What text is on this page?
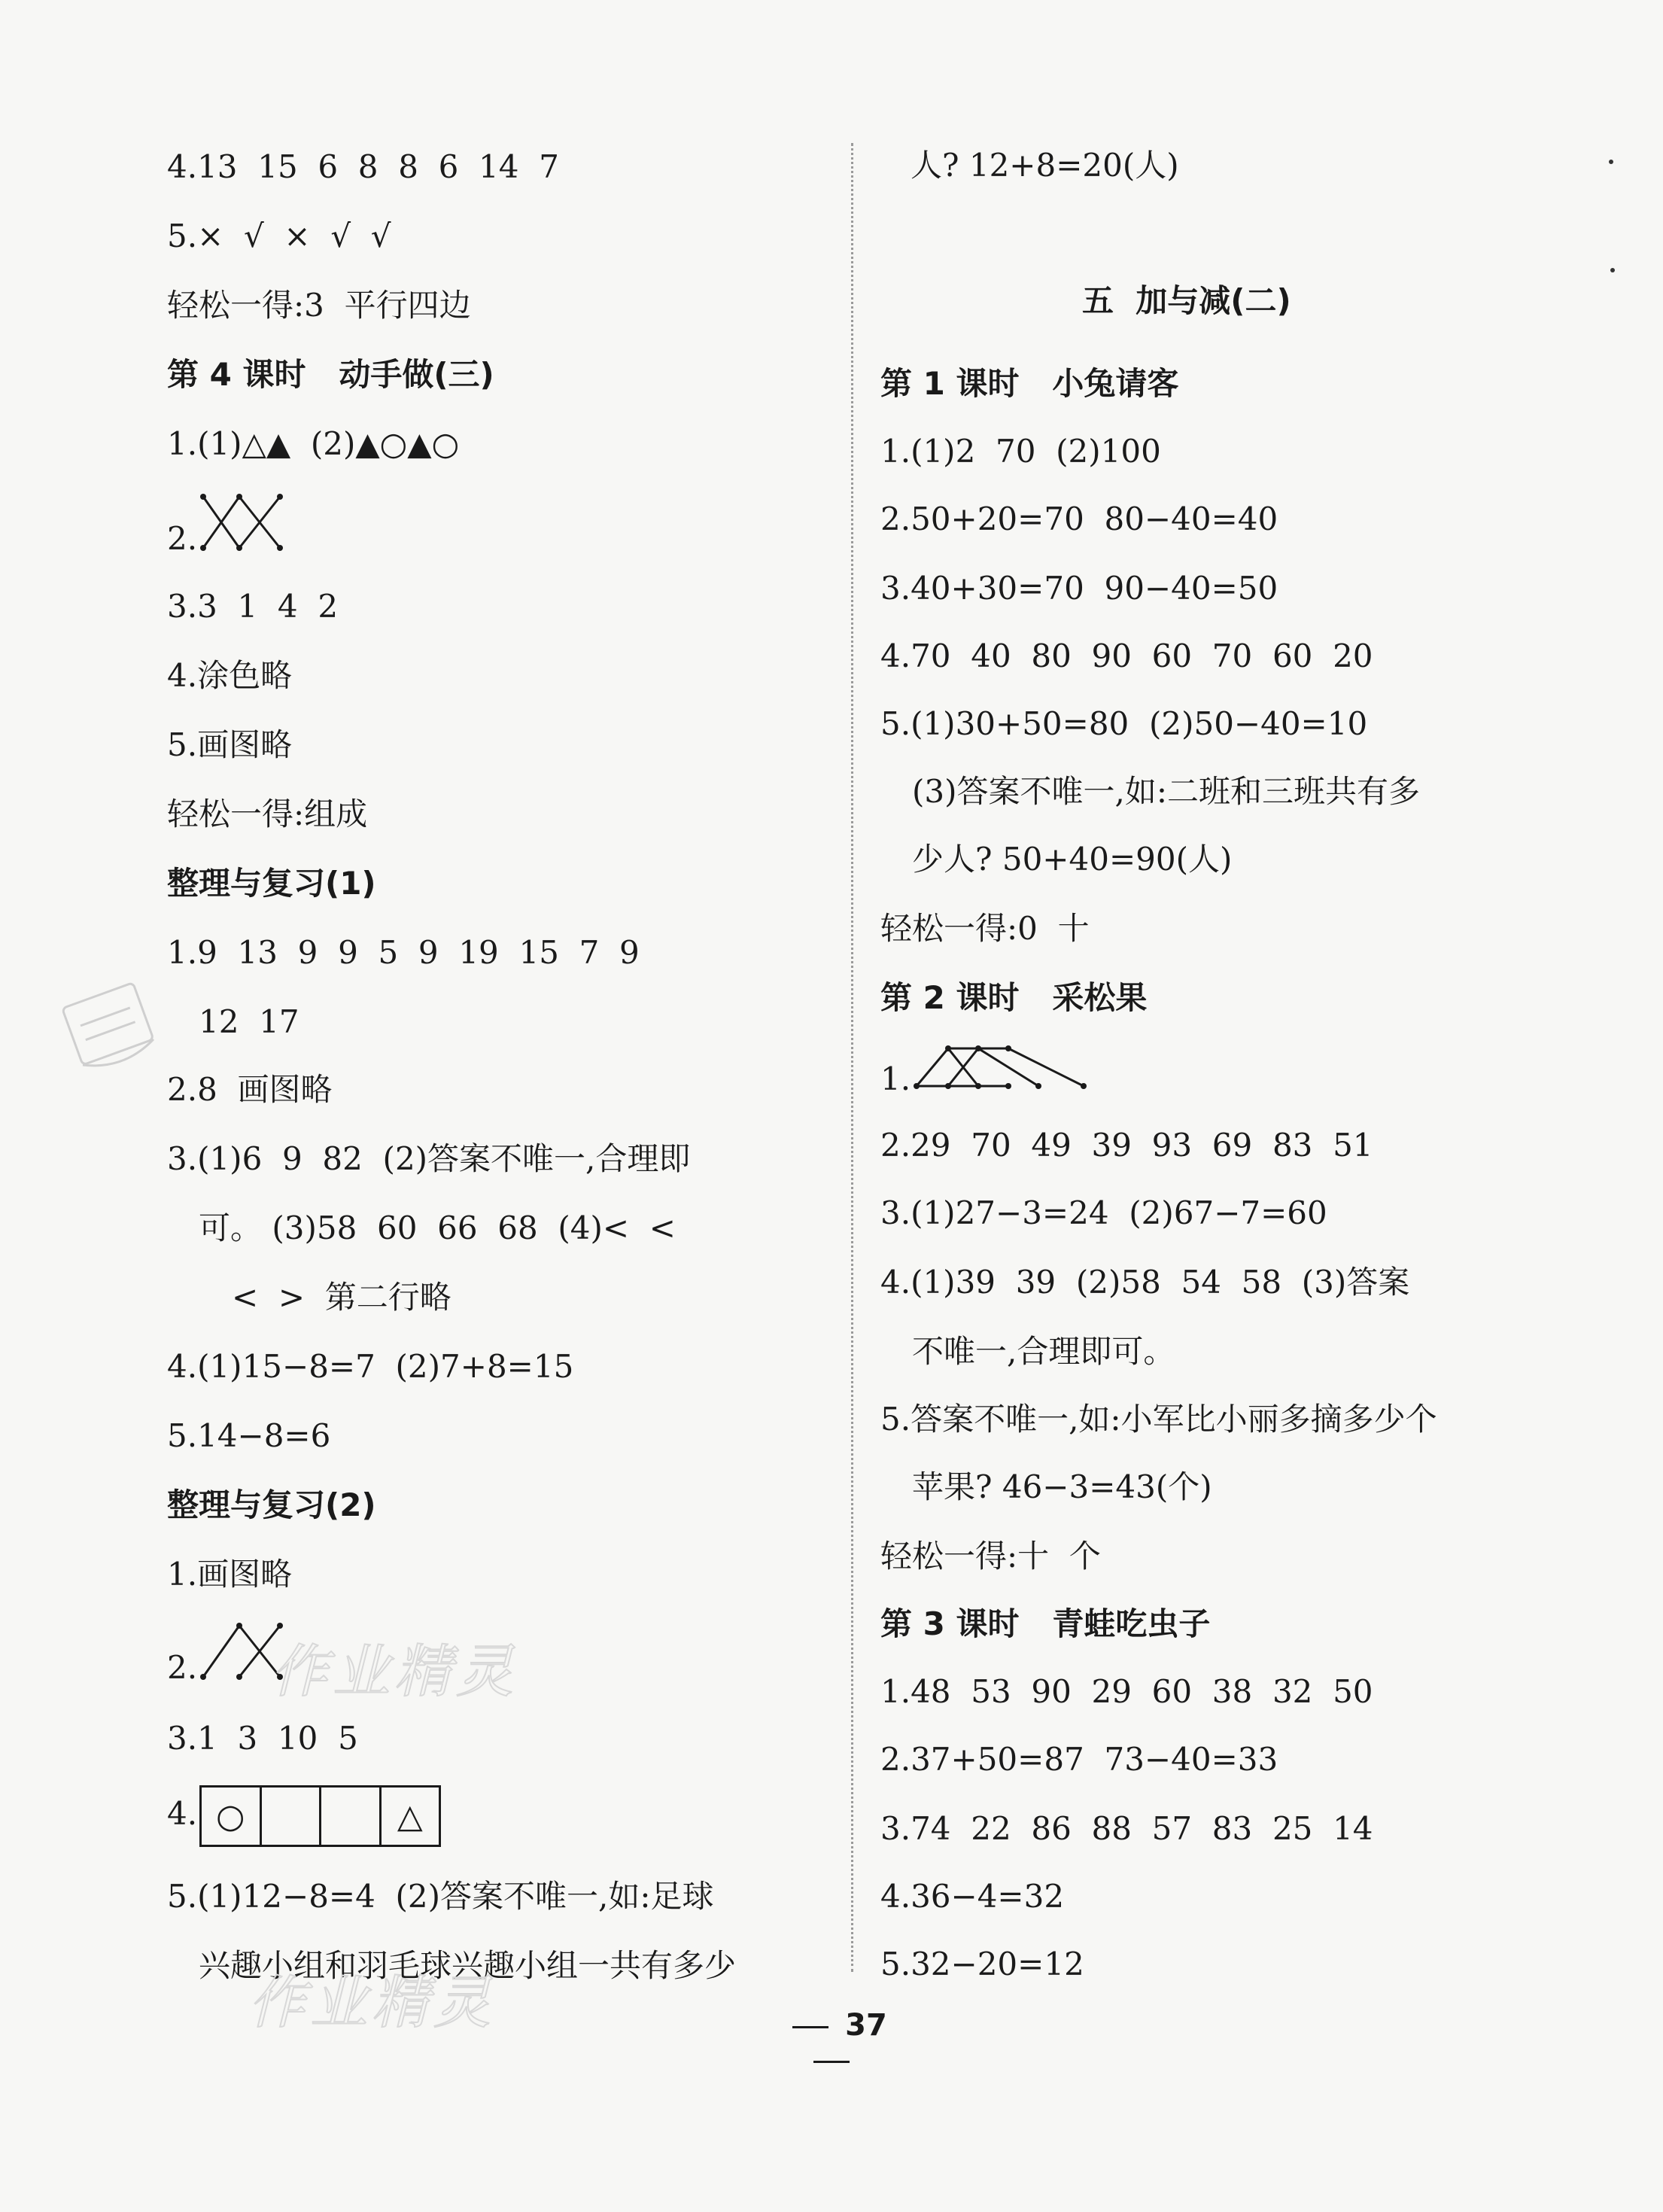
4.13  15  6  8  8  6  14  7
5.×  √  ×  √  √
轻松一得:3  平行四边
第 4 课时   动手做(三)
1.(1)△▲  (2)▲○▲○
2.
3.3  1  4  2
4.涂色略
5.画图略
轻松一得:组成
整理与复习(1)
1.9  13  9  9  5  9  19  15  7  9
12  17
2.8  画图略
3.(1)6  9  82  (2)答案不唯一,合理即
可。 (3)58  60  66  68  (4)<  <
<  >  第二行略
4.(1)15−8=7  (2)7+8=15
5.14−8=6
整理与复习(2)
1.画图略
2. 作业精灵
3.1  3  10  5
4. ○	△
5.(1)12−8=4  (2)答案不唯一,如:足球
兴趣小组和羽毛球兴趣小组一共有多少
作业精灵
人? 12+8=20(人)
五  加与减(二)
第 1 课时   小兔请客
1.(1)2  70  (2)100
2.50+20=70  80−40=40
3.40+30=70  90−40=50
4.70  40  80  90  60  70  60  20
5.(1)30+50=80  (2)50−40=10
(3)答案不唯一,如:二班和三班共有多
少人? 50+40=90(人)
轻松一得:0  十
第 2 课时   采松果
1.
2.29  70  49  39  93  69  83  51
3.(1)27−3=24  (2)67−7=60
4.(1)39  39  (2)58  54  58  (3)答案
不唯一,合理即可。
5.答案不唯一,如:小军比小丽多摘多少个
苹果? 46−3=43(个)
轻松一得:十  个
第 3 课时   青蛙吃虫子
1.48  53  90  29  60  38  32  50
2.37+50=87  73−40=33
3.74  22  86  88  57  83  25  14
4.36−4=32
5.32−20=12
37
